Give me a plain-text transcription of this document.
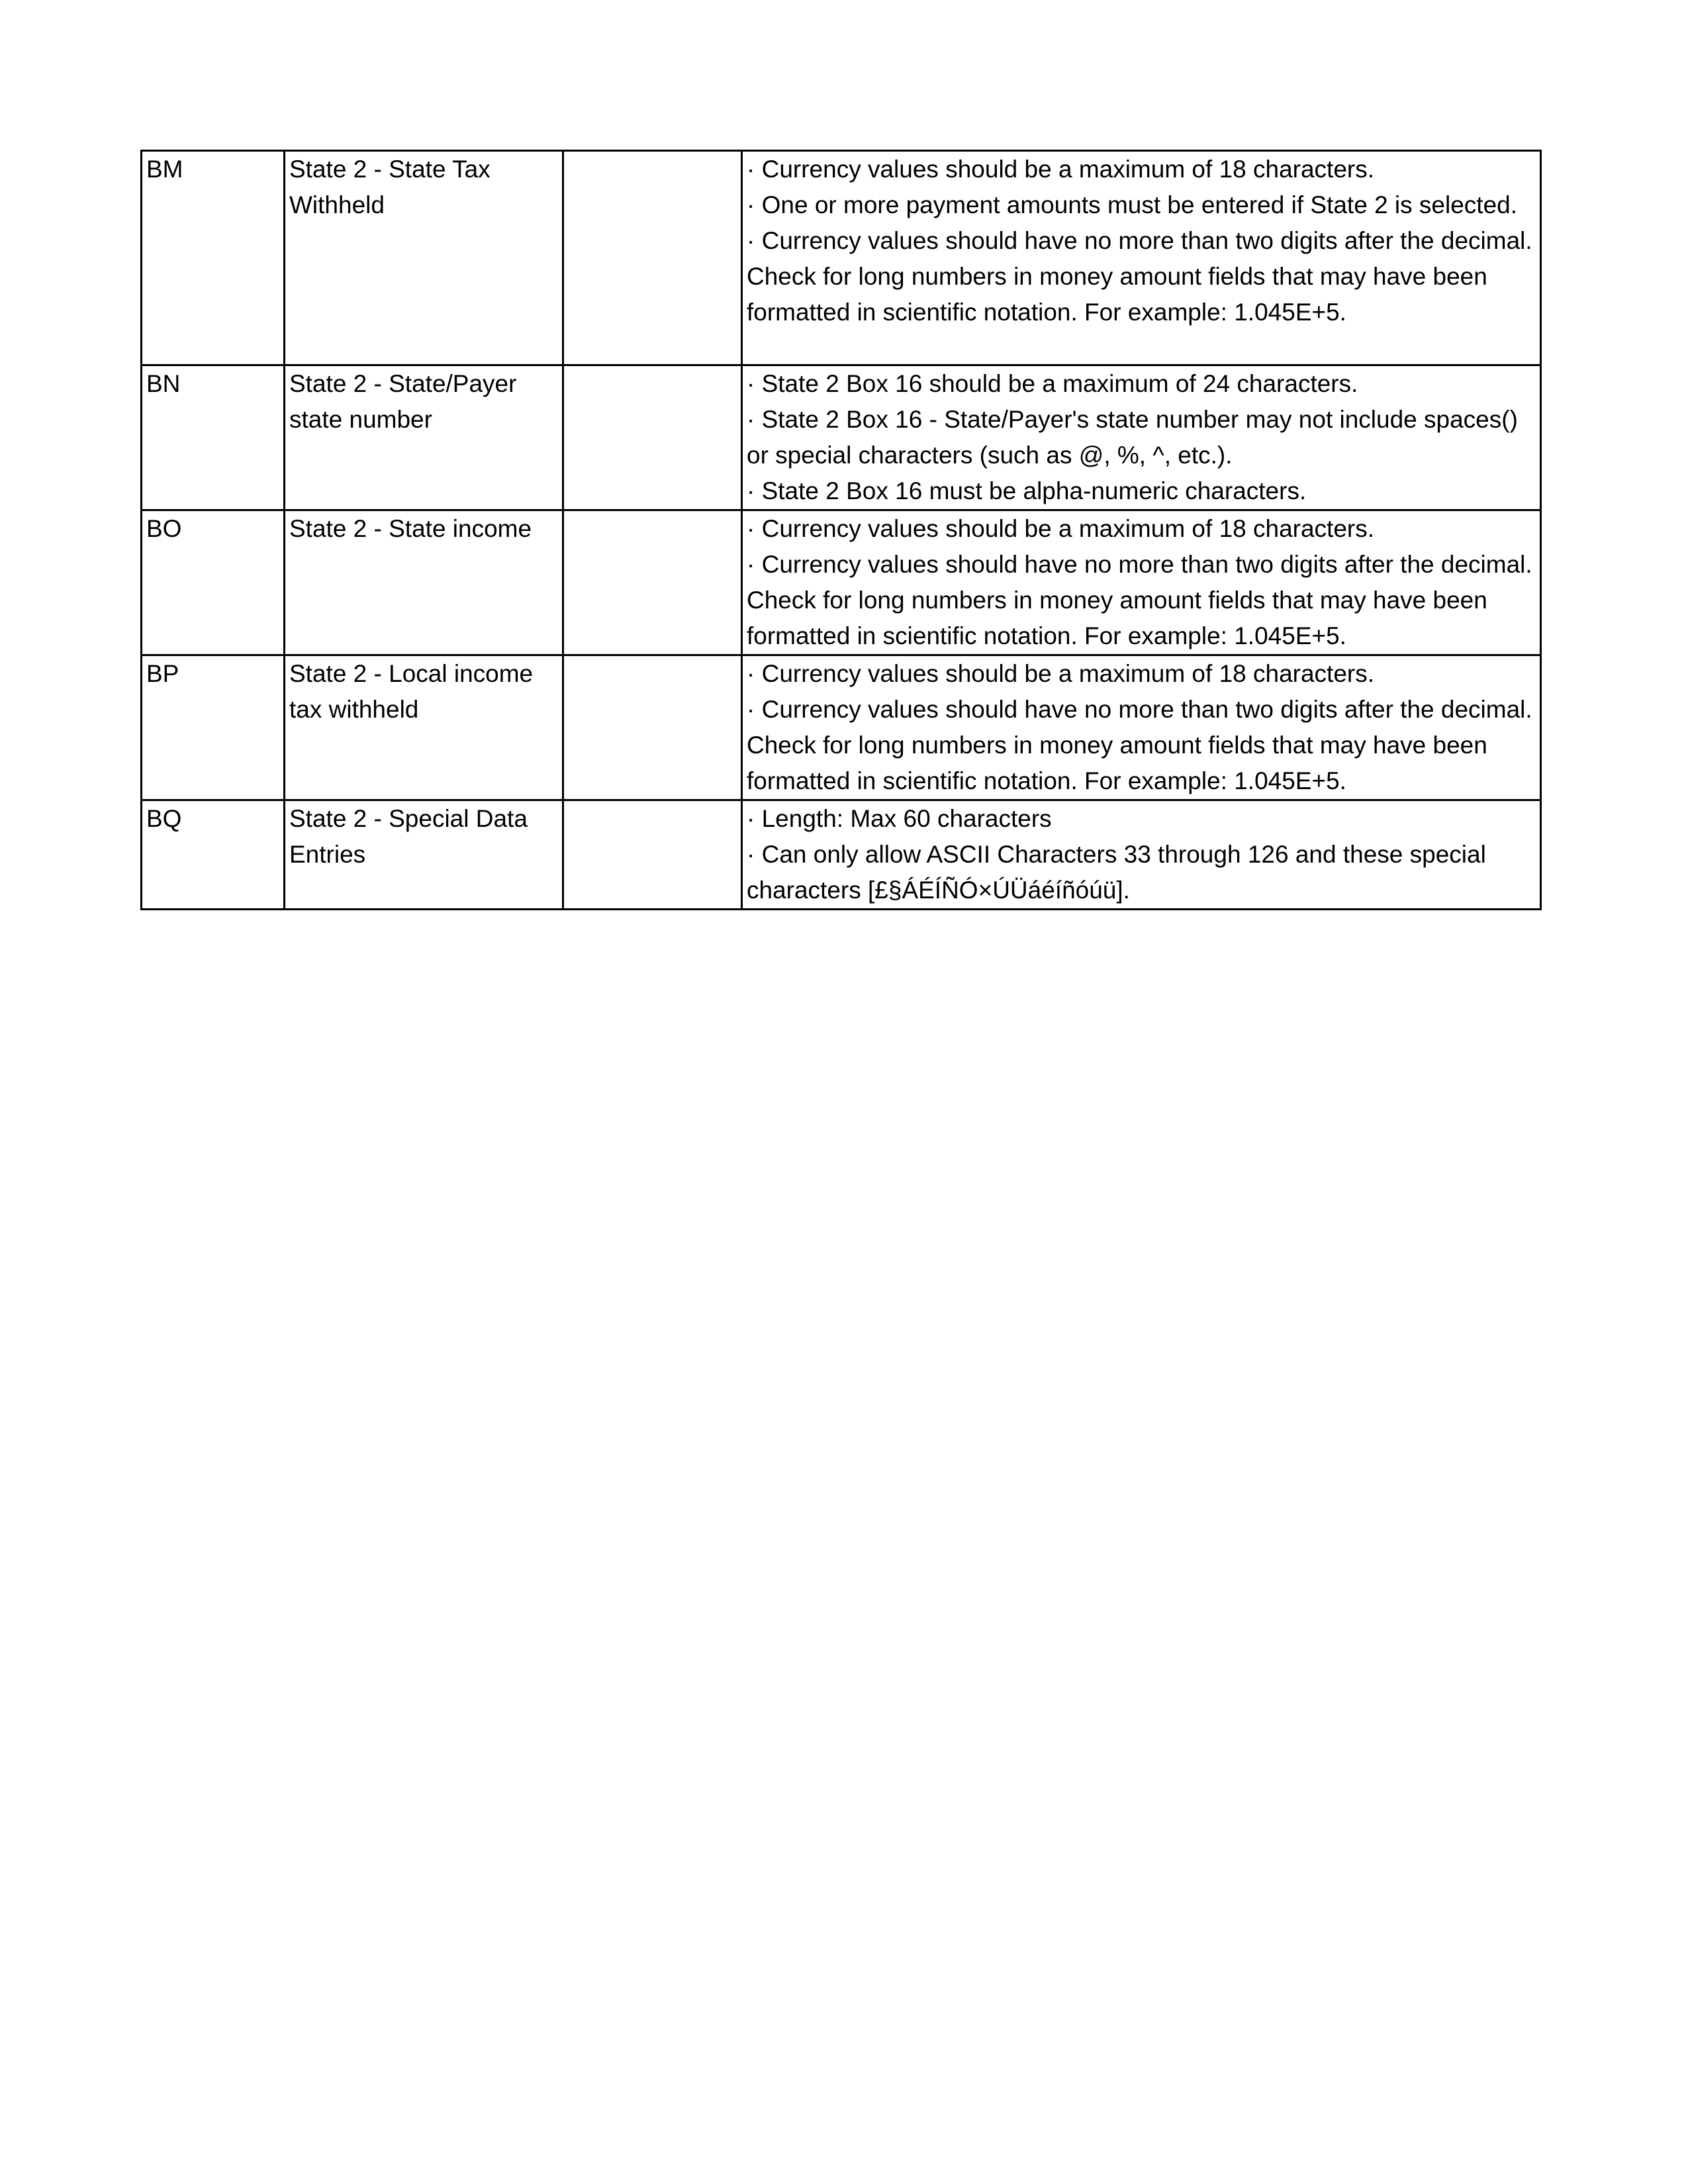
BM	State 2 - State Tax Withheld		· Currency values should be a maximum of 18 characters.
· One or more payment amounts must be entered if State 2 is selected.
· Currency values should have no more than two digits after the decimal. Check for long numbers in money amount fields that may have been formatted in scientific notation. For example: 1.045E+5.

BN	State 2 - State/Payer state number		· State 2 Box 16 should be a maximum of 24 characters.
· State 2 Box 16 - State/Payer's state number may not include spaces() or special characters (such as @, %, ^, etc.).
· State 2 Box 16 must be alpha-numeric characters.

BO	State 2 - State income		· Currency values should be a maximum of 18 characters.
· Currency values should have no more than two digits after the decimal. Check for long numbers in money amount fields that may have been formatted in scientific notation. For example: 1.045E+5.

BP	State 2 - Local income tax withheld		· Currency values should be a maximum of 18 characters.
· Currency values should have no more than two digits after the decimal. Check for long numbers in money amount fields that may have been formatted in scientific notation. For example: 1.045E+5.

BQ	State 2 - Special Data Entries		· Length: Max 60 characters
· Can only allow ASCII Characters 33 through 126 and these special characters [£§ÁÉÍÑÓ×ÚÜáéíñóúü].
